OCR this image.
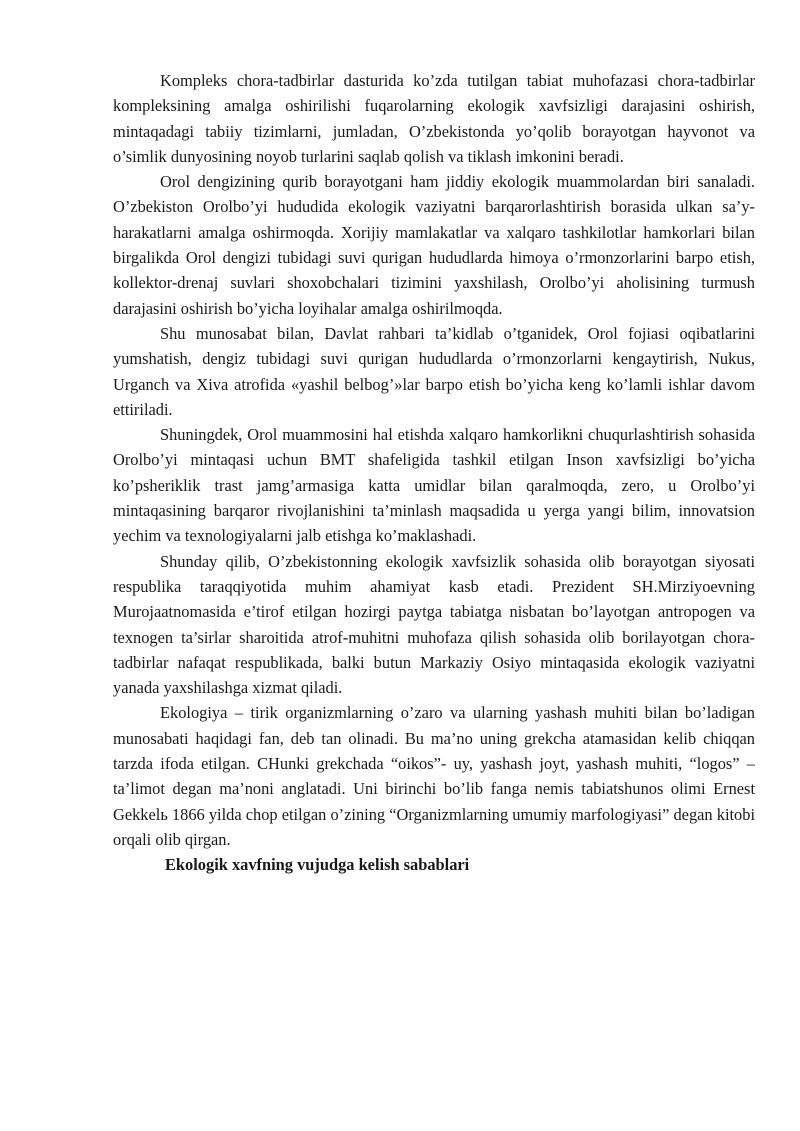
Kompleks chora-tadbirlar dasturida ko’zda tutilgan tabiat muhofazasi chora-tadbirlar kompleksining amalga oshirilishi fuqarolarning ekologik xavfsizligi darajasini oshirish, mintaqadagi tabiiy tizimlarni, jumladan, O’zbekistonda yo’qolib borayotgan hayvonot va o’simlik dunyosining noyob turlarini saqlab qolish va tiklash imkonini beradi.

Orol dengizining qurib borayotgani ham jiddiy ekologik muammolardan biri sanaladi. O’zbekiston Orolbo’yi hududida ekologik vaziyatni barqarorlashtirish borasida ulkan sa’y-harakatlarni amalga oshirmoqda. Xorijiy mamlakatlar va xalqaro tashkilotlar hamkorlari bilan birgalikda Orol dengizi tubidagi suvi qurigan hududlarda himoya o’rmonzorlarini barpo etish, kollektor-drenaj suvlari shoxobchalari tizimini yaxshilash, Orolbo’yi aholisining turmush darajasini oshirish bo’yicha loyihalar amalga oshirilmoqda.

Shu munosabat bilan, Davlat rahbari ta’kidlab o’tganidek, Orol fojiasi oqibatlarini yumshatish, dengiz tubidagi suvi qurigan hududlarda o’rmonzorlarni kengaytirish, Nukus, Urganch va Xiva atrofida «yashil belbog’»lar barpo etish bo’yicha keng ko’lamli ishlar davom ettiriladi.

Shuningdek, Orol muammosini hal etishda xalqaro hamkorlikni chuqurlashtirish sohasida Orolbo’yi mintaqasi uchun BMT shafeligida tashkil etilgan Inson xavfsizligi bo’yicha ko’psheriklik trast jamg’armasiga katta umidlar bilan qaralmoqda, zero, u Orolbo’yi mintaqasining barqaror rivojlanishini ta’minlash maqsadida u yerga yangi bilim, innovatsion yechim va texnologiyalarni jalb etishga ko’maklashadi.

Shunday qilib, O’zbekistonning ekologik xavfsizlik sohasida olib borayotgan siyosati respublika taraqqiyotida muhim ahamiyat kasb etadi. Prezident SH.Mirziyoevning Murojaatnomasida e’tirof etilgan hozirgi paytga tabiatga nisbatan bo’layotgan antropogen va texnogen ta’sirlar sharoitida atrof-muhitni muhofaza qilish sohasida olib borilayotgan chora-tadbirlar nafaqat respublikada, balki butun Markaziy Osiyo mintaqasida ekologik vaziyatni yanada yaxshilashga xizmat qiladi.

Ekologiya – tirik organizmlarning o’zaro va ularning yashash muhiti bilan bo’ladigan munosabati haqidagi fan, deb tan olinadi. Bu ma’no uning grekcha atamasidan kelib chiqqan tarzda ifoda etilgan. CHunki grekchada “oikos”- uy, yashash joyt, yashash muhiti, “logos” – ta’limot degan ma’noni anglatadi. Uni birinchi bo’lib fanga nemis tabiatshunos olimi Ernest Gekkelь 1866 yilda chop etilgan o’zining “Organizmlarning umumiy marfologiyasi” degan kitobi orqali olib qirgan.

Ekologik xavfning vujudga kelish sabablari
